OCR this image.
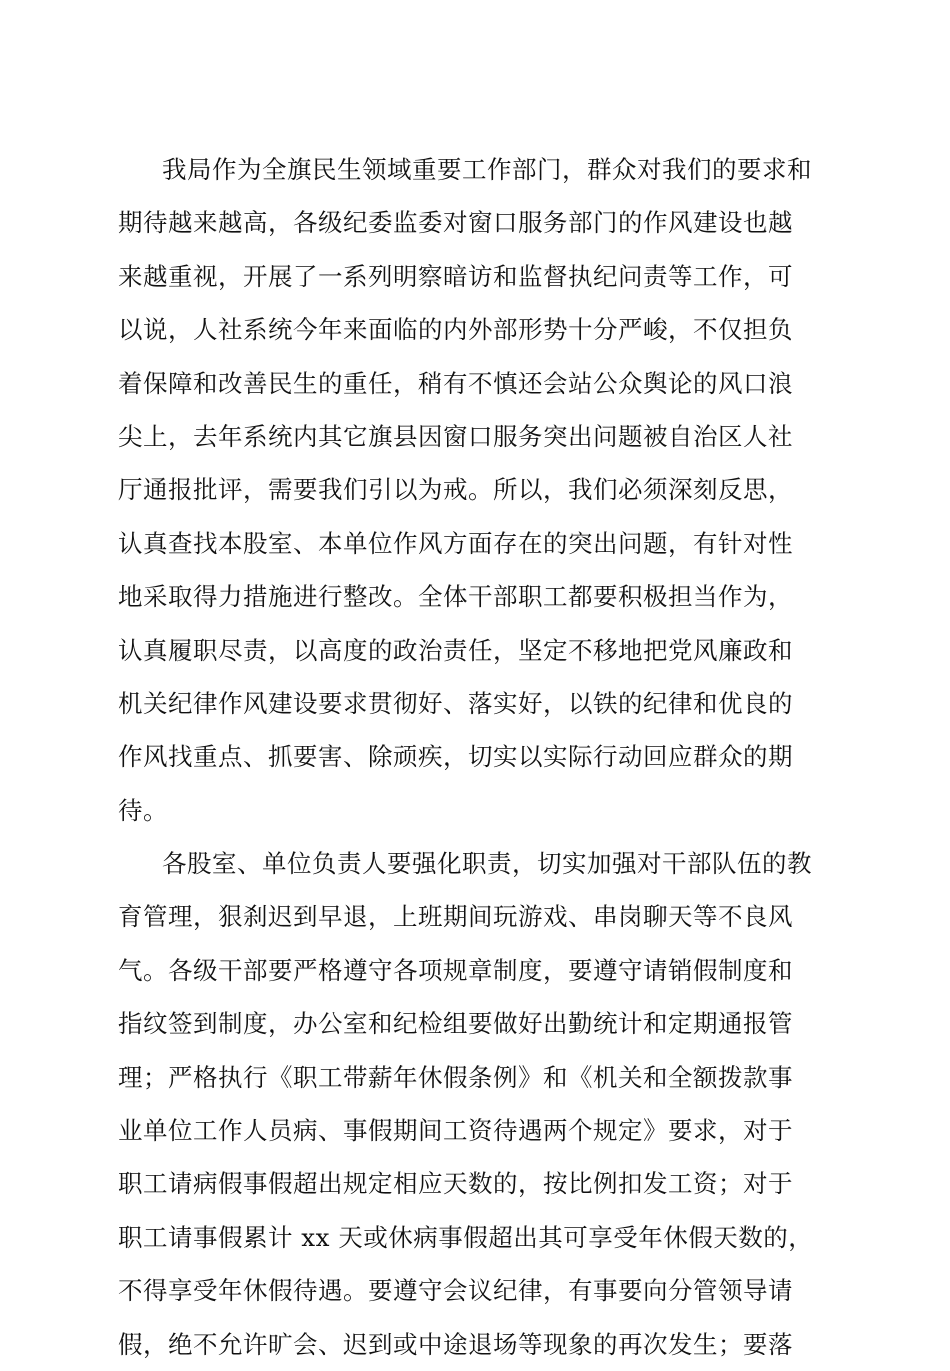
我局作为全旗民生领域重要工作部门，群众对我们的要求和
期待越来越高，各级纪委监委对窗口服务部门的作风建设也越
来越重视，开展了一系列明察暗访和监督执纪问责等工作，可
以说，人社系统今年来面临的内外部形势十分严峻，不仅担负
着保障和改善民生的重任，稍有不慎还会站公众舆论的风口浪
尖上，去年系统内其它旗县因窗口服务突出问题被自治区人社
厅通报批评，需要我们引以为戒。所以，我们必须深刻反思，
认真查找本股室、本单位作风方面存在的突出问题，有针对性
地采取得力措施进行整改。全体干部职工都要积极担当作为，
认真履职尽责，以高度的政治责任，坚定不移地把党风廉政和
机关纪律作风建设要求贯彻好、落实好，以铁的纪律和优良的
作风找重点、抓要害、除顽疾，切实以实际行动回应群众的期
待。
各股室、单位负责人要强化职责，切实加强对干部队伍的教
育管理，狠刹迟到早退，上班期间玩游戏、串岗聊天等不良风
气。各级干部要严格遵守各项规章制度，要遵守请销假制度和
指纹签到制度，办公室和纪检组要做好出勤统计和定期通报管
理；严格执行《职工带薪年休假条例》和《机关和全额拨款事
业单位工作人员病、事假期间工资待遇两个规定》要求，对于
职工请病假事假超出规定相应天数的，按比例扣发工资；对于
职工请事假累计 xx 天或休病事假超出其可享受年休假天数的，
不得享受年休假待遇。要遵守会议纪律，有事要向分管领导请
假，绝不允许旷会、迟到或中途退场等现象的再次发生；要落
